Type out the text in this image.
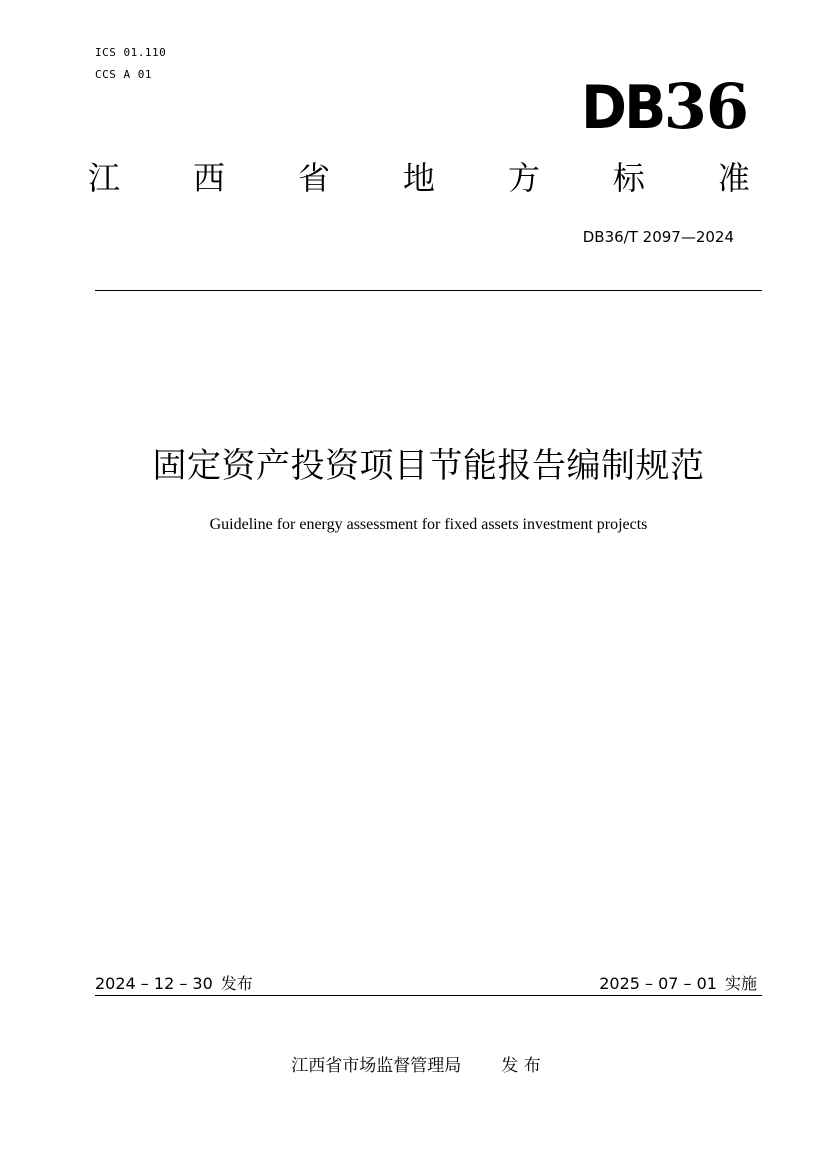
ICS 01.110
CCS A 01	DB36
江 西 省 地 方 标 准
DB36/T 2097—2024
固定资产投资项目节能报告编制规范
Guideline for energy assessment for fixed assets investment projects
2024 – 12 – 30 发布	2025 – 07 – 01 实施
江西省市场监督管理局 发 布
